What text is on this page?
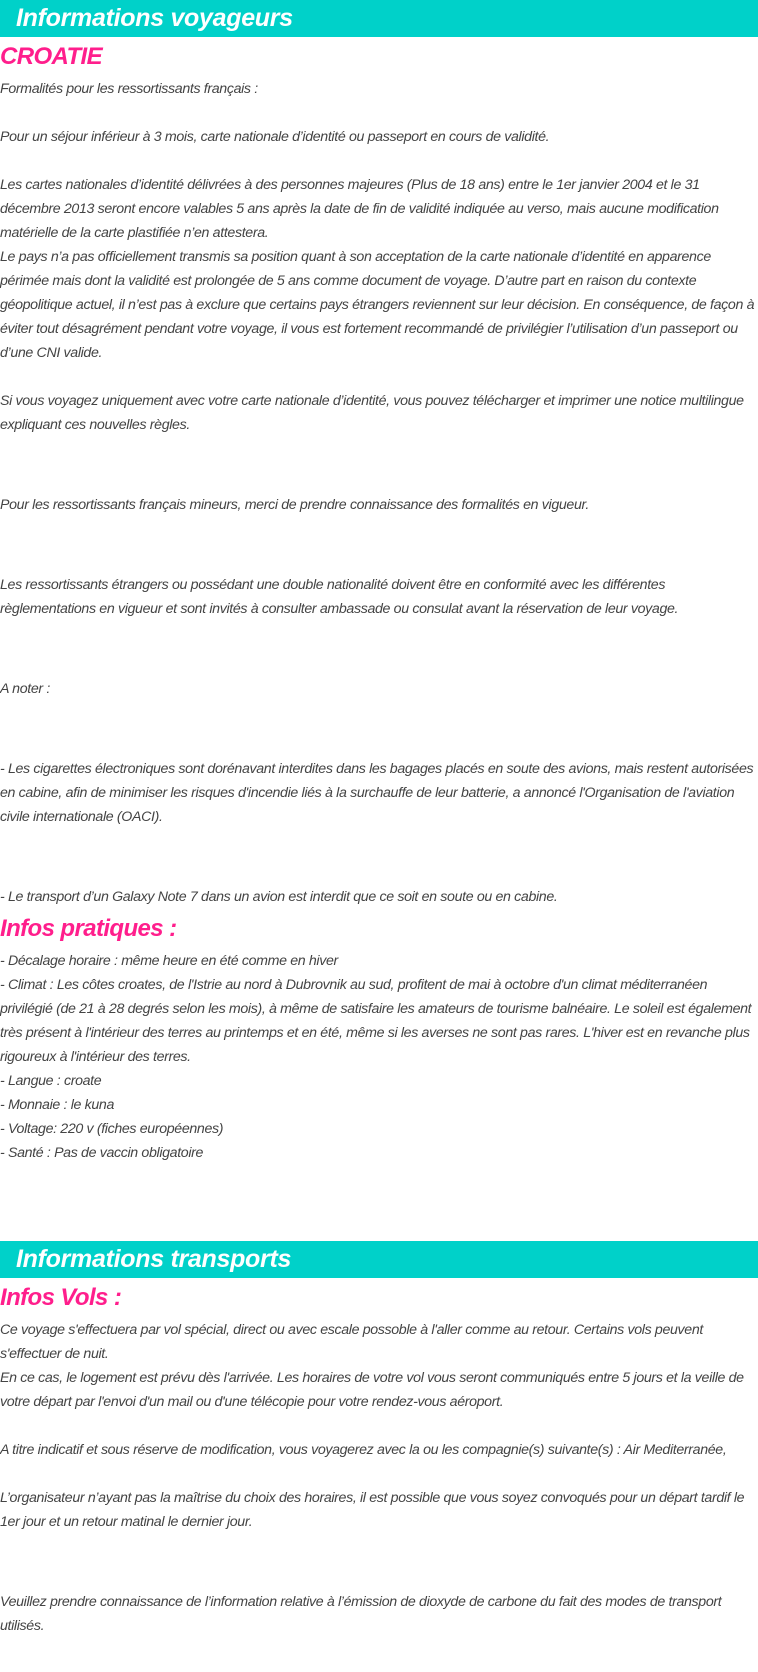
Informations voyageurs
CROATIE

Formalités pour les ressortissants français :

Pour un séjour inférieur à 3 mois, carte nationale d’identité ou passeport en cours de validité.

Les cartes nationales d’identité délivrées à des personnes majeures (Plus de 18 ans) entre le 1er janvier 2004 et le 31 décembre 2013 seront encore valables 5 ans après la date de fin de validité indiquée au verso, mais aucune modification matérielle de la carte plastifiée n’en attestera.

Le pays n’a pas officiellement transmis sa position quant à son acceptation de la carte nationale d’identité en apparence périmée mais dont la validité est prolongée de 5 ans comme document de voyage. D’autre part en raison du contexte géopolitique actuel, il n’est pas à exclure que certains pays étrangers reviennent sur leur décision. En conséquence, de façon à éviter tout désagrément pendant votre voyage, il vous est fortement recommandé de privilégier l’utilisation d’un passeport ou d’une CNI valide.

Si vous voyagez uniquement avec votre carte nationale d’identité, vous pouvez télécharger et imprimer une notice multilingue expliquant ces nouvelles règles.

Pour les ressortissants français mineurs, merci de prendre connaissance des formalités en vigueur.

Les ressortissants étrangers ou possédant une double nationalité doivent être en conformité avec les différentes règlementations en vigueur et sont invités à consulter ambassade ou consulat avant la réservation de leur voyage.

A noter :

- Les cigarettes électroniques sont dorénavant interdites dans les bagages placés en soute des avions, mais restent autorisées en cabine, afin de minimiser les risques d'incendie liés à la surchauffe de leur batterie, a annoncé l'Organisation de l'aviation civile internationale (OACI).

- Le transport d’un Galaxy Note 7 dans un avion est interdit que ce soit en soute ou en cabine.

Infos pratiques :
- Décalage horaire : même heure en été comme en hiver
- Climat : Les côtes croates, de l'Istrie au nord à Dubrovnik au sud, profitent de mai à octobre d'un climat méditerranéen privilégié (de 21 à 28 degrés selon les mois), à même de satisfaire les amateurs de tourisme balnéaire. Le soleil est également très présent à l'intérieur des terres au printemps et en été, même si les averses ne sont pas rares. L'hiver est en revanche plus rigoureux à l'intérieur des terres.
- Langue : croate
- Monnaie : le kuna
- Voltage: 220 v (fiches européennes)
- Santé : Pas de vaccin obligatoire
Informations transports
Infos Vols :

Ce voyage s'effectuera par vol spécial, direct ou avec escale possoble à l'aller comme au retour. Certains vols peuvent s'effectuer de nuit.

En ce cas, le logement est prévu dès l'arrivée. Les horaires de votre vol vous seront communiqués entre 5 jours et la veille de votre départ par l'envoi d'un mail ou d'une télécopie pour votre rendez-vous aéroport.

A titre indicatif et sous réserve de modification, vous voyagerez avec la ou les compagnie(s) suivante(s) : Air Mediterranée,

L’organisateur n’ayant pas la maîtrise du choix des horaires, il est possible que vous soyez convoqués pour un départ tardif le 1er jour et un retour matinal le dernier jour.

Veuillez prendre connaissance de l’information relative à l’émission de dioxyde de carbone du fait des modes de transport utilisés.
